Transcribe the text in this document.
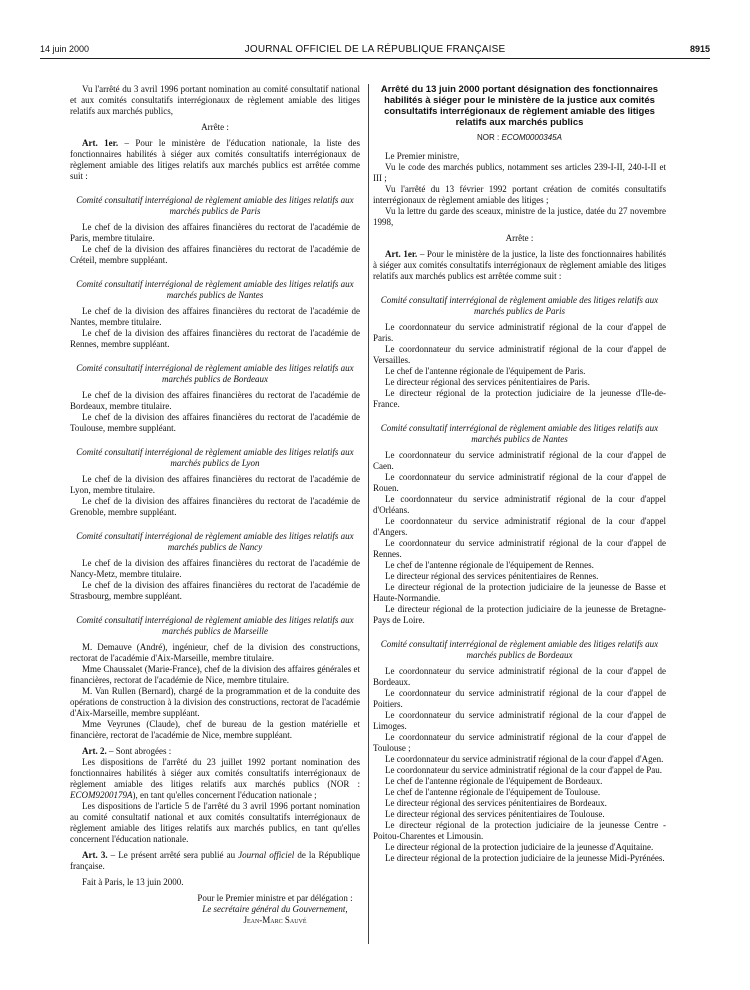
14 juin 2000	JOURNAL OFFICIEL DE LA RÉPUBLIQUE FRANÇAISE	8915

Vu l'arrêté du 3 avril 1996 portant nomination au comité consultatif national et aux comités consultatifs interrégionaux de règlement amiable des litiges relatifs aux marchés publics,

Arrête :

Art. 1er. – Pour le ministère de l'éducation nationale, la liste des fonctionnaires habilités à siéger aux comités consultatifs interrégionaux de règlement amiable des litiges relatifs aux marchés publics est arrêtée comme suit :

Comité consultatif interrégional de règlement amiable des litiges relatifs aux marchés publics de Paris

Le chef de la division des affaires financières du rectorat de l'académie de Paris, membre titulaire.

Le chef de la division des affaires financières du rectorat de l'académie de Créteil, membre suppléant.

Comité consultatif interrégional de règlement amiable des litiges relatifs aux marchés publics de Nantes

Le chef de la division des affaires financières du rectorat de l'académie de Nantes, membre titulaire.

Le chef de la division des affaires financières du rectorat de l'académie de Rennes, membre suppléant.

Comité consultatif interrégional de règlement amiable des litiges relatifs aux marchés publics de Bordeaux

Le chef de la division des affaires financières du rectorat de l'académie de Bordeaux, membre titulaire.

Le chef de la division des affaires financières du rectorat de l'académie de Toulouse, membre suppléant.

Comité consultatif interrégional de règlement amiable des litiges relatifs aux marchés publics de Lyon

Le chef de la division des affaires financières du rectorat de l'académie de Lyon, membre titulaire.

Le chef de la division des affaires financières du rectorat de l'académie de Grenoble, membre suppléant.

Comité consultatif interrégional de règlement amiable des litiges relatifs aux marchés publics de Nancy

Le chef de la division des affaires financières du rectorat de l'académie de Nancy-Metz, membre titulaire.

Le chef de la division des affaires financières du rectorat de l'académie de Strasbourg, membre suppléant.

Comité consultatif interrégional de règlement amiable des litiges relatifs aux marchés publics de Marseille

M. Demauve (André), ingénieur, chef de la division des constructions, rectorat de l'académie d'Aix-Marseille, membre titulaire.

Mme Chaussalet (Marie-France), chef de la division des affaires générales et financières, rectorat de l'académie de Nice, membre titulaire.

M. Van Rullen (Bernard), chargé de la programmation et de la conduite des opérations de construction à la division des constructions, rectorat de l'académie d'Aix-Marseille, membre suppléant.

Mme Veyrunes (Claude), chef de bureau de la gestion matérielle et financière, rectorat de l'académie de Nice, membre suppléant.

Art. 2. – Sont abrogées :

Les dispositions de l'arrêté du 23 juillet 1992 portant nomination des fonctionnaires habilités à siéger aux comités consultatifs interrégionaux de règlement amiable des litiges relatifs aux marchés publics (NOR : ECOM9200179A), en tant qu'elles concernent l'éducation nationale ;

Les dispositions de l'article 5 de l'arrêté du 3 avril 1996 portant nomination au comité consultatif national et aux comités consultatifs interrégionaux de règlement amiable des litiges relatifs aux marchés publics, en tant qu'elles concernent l'éducation nationale.

Art. 3. – Le présent arrêté sera publié au Journal officiel de la République française.

Fait à Paris, le 13 juin 2000.

Pour le Premier ministre et par délégation :

Le secrétaire général du Gouvernement,

Jean-Marc Sauvé

Arrêté du 13 juin 2000 portant désignation des fonctionnaires habilités à siéger pour le ministère de la justice aux comités consultatifs interrégionaux de règlement amiable des litiges relatifs aux marchés publics

NOR : ECOM0000345A

Le Premier ministre,

Vu le code des marchés publics, notamment ses articles 239-I-II, 240-I-II et III ;

Vu l'arrêté du 13 février 1992 portant création de comités consultatifs interrégionaux de règlement amiable des litiges ;

Vu la lettre du garde des sceaux, ministre de la justice, datée du 27 novembre 1998,

Arrête :

Art. 1er. – Pour le ministère de la justice, la liste des fonctionnaires habilités à siéger aux comités consultatifs interrégionaux de règlement amiable des litiges relatifs aux marchés publics est arrêtée comme suit :

Comité consultatif interrégional de règlement amiable des litiges relatifs aux marchés publics de Paris

Le coordonnateur du service administratif régional de la cour d'appel de Paris.

Le coordonnateur du service administratif régional de la cour d'appel de Versailles.

Le chef de l'antenne régionale de l'équipement de Paris.

Le directeur régional des services pénitentiaires de Paris.

Le directeur régional de la protection judiciaire de la jeunesse d'Ile-de-France.

Comité consultatif interrégional de règlement amiable des litiges relatifs aux marchés publics de Nantes

Le coordonnateur du service administratif régional de la cour d'appel de Caen.

Le coordonnateur du service administratif régional de la cour d'appel de Rouen.

Le coordonnateur du service administratif régional de la cour d'appel d'Orléans.

Le coordonnateur du service administratif régional de la cour d'appel d'Angers.

Le coordonnateur du service administratif régional de la cour d'appel de Rennes.

Le chef de l'antenne régionale de l'équipement de Rennes.

Le directeur régional des services pénitentiaires de Rennes.

Le directeur régional de la protection judiciaire de la jeunesse de Basse et Haute-Normandie.

Le directeur régional de la protection judiciaire de la jeunesse de Bretagne-Pays de Loire.

Comité consultatif interrégional de règlement amiable des litiges relatifs aux marchés publics de Bordeaux

Le coordonnateur du service administratif régional de la cour d'appel de Bordeaux.

Le coordonnateur du service administratif régional de la cour d'appel de Poitiers.

Le coordonnateur du service administratif régional de la cour d'appel de Limoges.

Le coordonnateur du service administratif régional de la cour d'appel de Toulouse ;

Le coordonnateur du service administratif régional de la cour d'appel d'Agen.

Le coordonnateur du service administratif régional de la cour d'appel de Pau.

Le chef de l'antenne régionale de l'équipement de Bordeaux.

Le chef de l'antenne régionale de l'équipement de Toulouse.

Le directeur régional des services pénitentiaires de Bordeaux.

Le directeur régional des services pénitentiaires de Toulouse.

Le directeur régional de la protection judiciaire de la jeunesse Centre - Poitou-Charentes et Limousin.

Le directeur régional de la protection judiciaire de la jeunesse d'Aquitaine.

Le directeur régional de la protection judiciaire de la jeunesse Midi-Pyrénées.
